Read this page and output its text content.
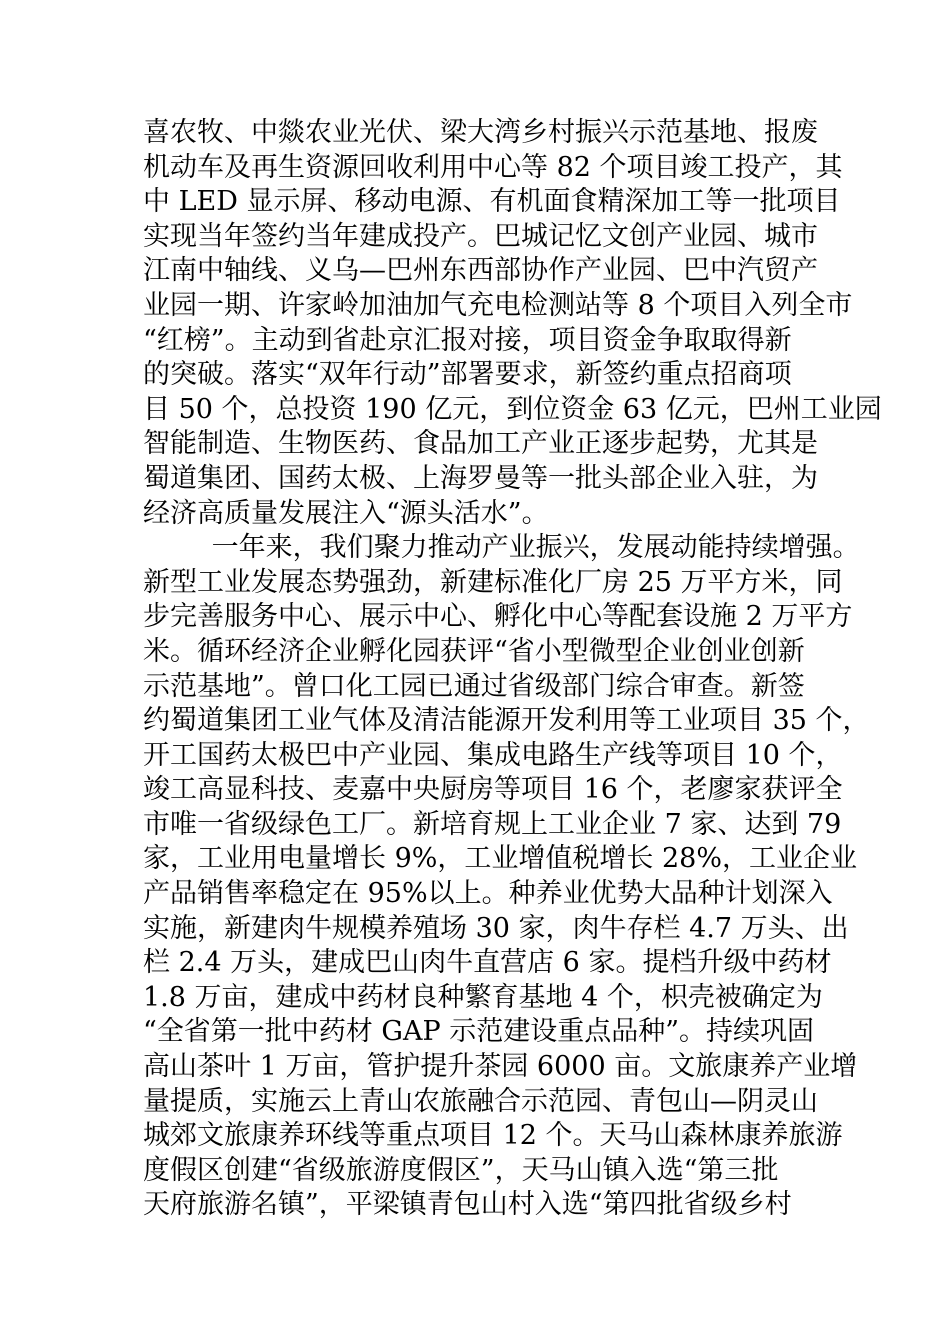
喜农牧、中燚农业光伏、梁大湾乡村振兴示范基地、报废
机动车及再生资源回收利用中心等 82 个项目竣工投产，其
中 LED 显示屏、移动电源、有机面食精深加工等一批项目
实现当年签约当年建成投产。巴城记忆文创产业园、城市
江南中轴线、义乌—巴州东西部协作产业园、巴中汽贸产
业园一期、许家岭加油加气充电检测站等 8 个项目入列全市
“红榜”。主动到省赴京汇报对接，项目资金争取取得新
的突破。落实“双年行动”部署要求，新签约重点招商项
目 50 个，总投资 190 亿元，到位资金 63 亿元，巴州工业园
智能制造、生物医药、食品加工产业正逐步起势，尤其是
蜀道集团、国药太极、上海罗曼等一批头部企业入驻，为
经济高质量发展注入“源头活水”。
一年来，我们聚力推动产业振兴，发展动能持续增强。
新型工业发展态势强劲，新建标准化厂房 25 万平方米，同
步完善服务中心、展示中心、孵化中心等配套设施 2 万平方
米。循环经济企业孵化园获评“省小型微型企业创业创新
示范基地”。曾口化工园已通过省级部门综合审查。新签
约蜀道集团工业气体及清洁能源开发利用等工业项目 35 个，
开工国药太极巴中产业园、集成电路生产线等项目 10 个，
竣工高显科技、麦嘉中央厨房等项目 16 个，老廖家获评全
市唯一省级绿色工厂。新培育规上工业企业 7 家、达到 79
家，工业用电量增长 9%，工业增值税增长 28%，工业企业
产品销售率稳定在 95%以上。种养业优势大品种计划深入
实施，新建肉牛规模养殖场 30 家，肉牛存栏 4.7 万头、出
栏 2.4 万头，建成巴山肉牛直营店 6 家。提档升级中药材
1.8 万亩，建成中药材良种繁育基地 4 个，枳壳被确定为
“全省第一批中药材 GAP 示范建设重点品种”。持续巩固
高山茶叶 1 万亩，管护提升茶园 6000 亩。文旅康养产业增
量提质，实施云上青山农旅融合示范园、青包山—阴灵山
城郊文旅康养环线等重点项目 12 个。天马山森林康养旅游
度假区创建“省级旅游度假区”，天马山镇入选“第三批
天府旅游名镇”，平梁镇青包山村入选“第四批省级乡村
